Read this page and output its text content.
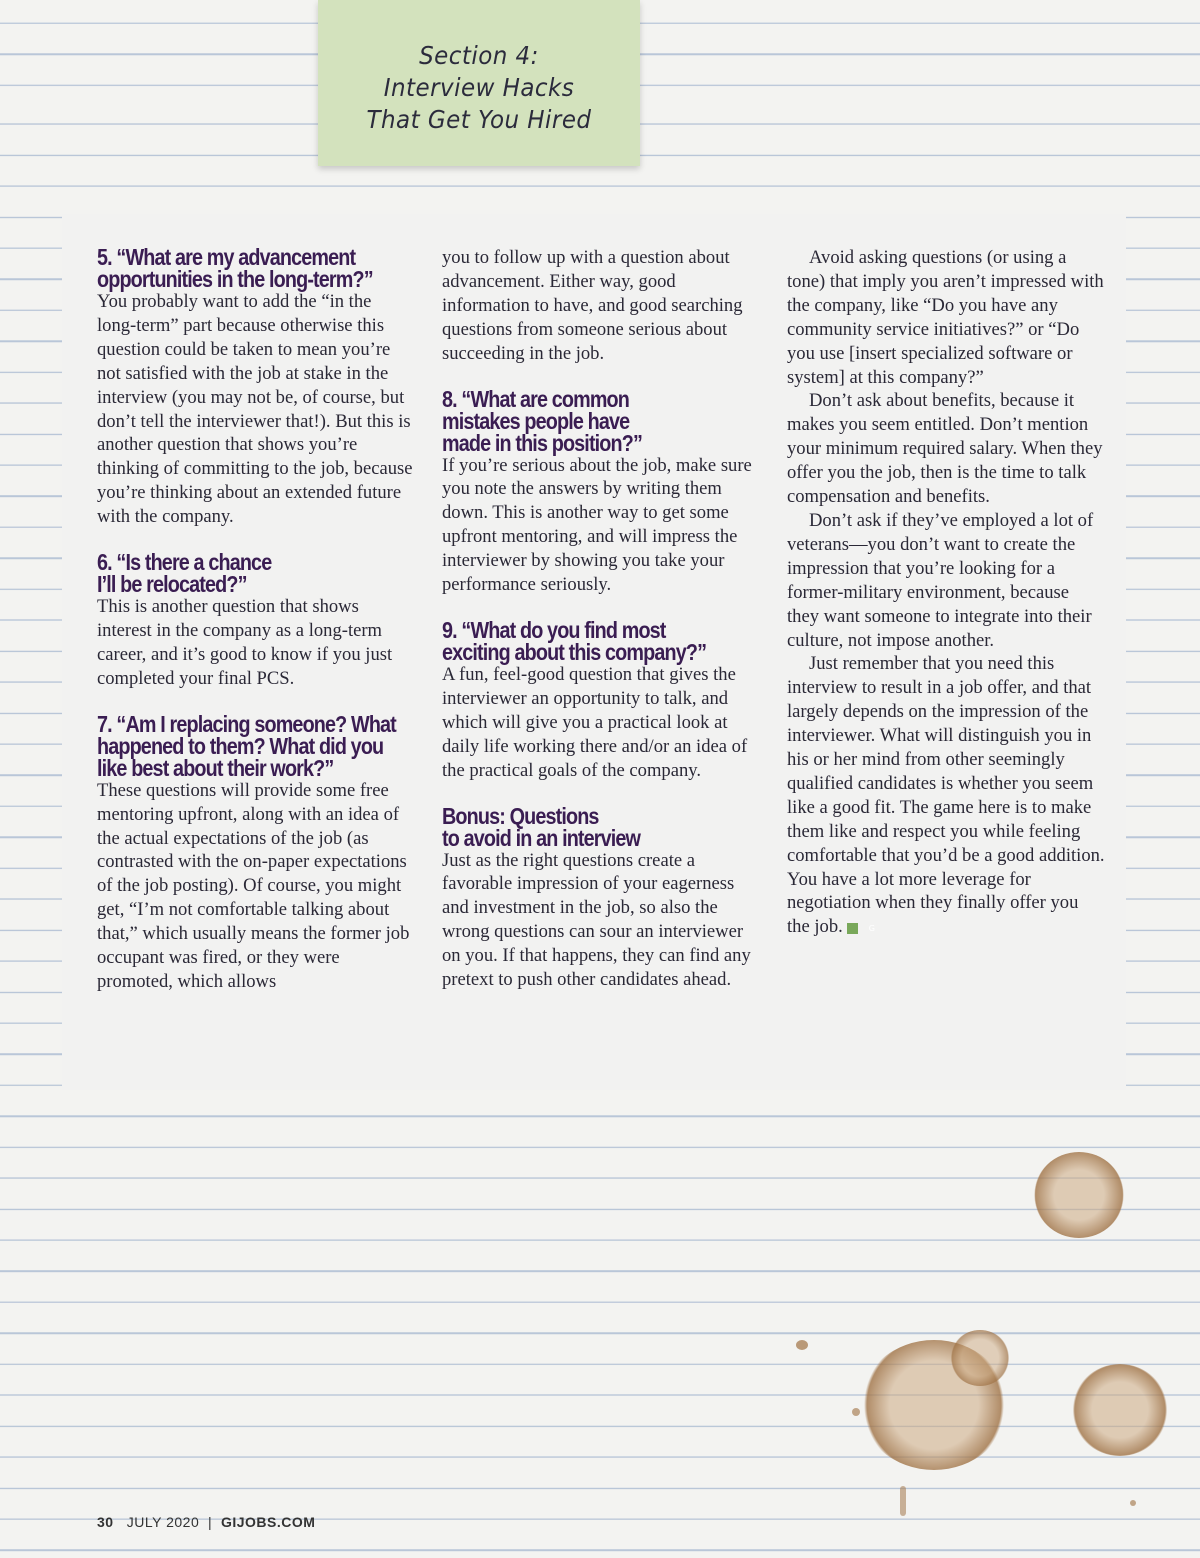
Section 4:
Interview Hacks
That Get You Hired
5. “What are my advancement
opportunities in the long-term?”

You probably want to add the “in the long-term” part because otherwise this question could be taken to mean you’re not satisfied with the job at stake in the interview (you may not be, of course, but don’t tell the interviewer that!). But this is another question that shows you’re thinking of committing to the job, because you’re thinking about an extended future with the company.

6. “Is there a chance
I’ll be relocated?”

This is another question that shows interest in the company as a long-term career, and it’s good to know if you just completed your final PCS.

7. “Am I replacing someone? What
happened to them? What did you
like best about their work?”

These questions will provide some free mentoring upfront, along with an idea of the actual expectations of the job (as contrasted with the on-paper expectations of the job posting). Of course, you might get, “I’m not comfortable talking about that,” which usually means the former job occupant was fired, or they were promoted, which allows

you to follow up with a question about advancement. Either way, good information to have, and good searching questions from someone serious about succeeding in the job.

8. “What are common
mistakes people have
made in this position?”

If you’re serious about the job, make sure you note the answers by writing them down. This is another way to get some upfront mentoring, and will impress the interviewer by showing you take your performance seriously.

9. “What do you find most
exciting about this company?”

A fun, feel-good question that gives the interviewer an opportunity to talk, and which will give you a practical look at daily life working there and/or an idea of the practical goals of the company.

Bonus: Questions
to avoid in an interview

Just as the right questions create a favorable impression of your eagerness and investment in the job, so also the wrong questions can sour an interviewer on you. If that happens, they can find any pretext to push other candidates ahead.

Avoid asking questions (or using a tone) that imply you aren’t impressed with the company, like “Do you have any community service initiatives?” or “Do you use [insert specialized software or system] at this company?”

Don’t ask about benefits, because it makes you seem entitled. Don’t mention your minimum required salary. When they offer you the job, then is the time to talk compensation and benefits.

Don’t ask if they’ve employed a lot of veterans—you don’t want to create the impression that you’re looking for a former-military environment, because they want someone to integrate into their culture, not impose another.

Just remember that you need this interview to result in a job offer, and that largely depends on the impression of the interviewer. What will distinguish you in his or her mind from other seemingly qualified candidates is whether you seem like a good fit. The game here is to make them like and respect you while feeling comfortable that you’d be a good addition. You have a lot more leverage for negotiation when they finally offer you the job.	G

30 JULY 2020 | GIJOBS.COM
